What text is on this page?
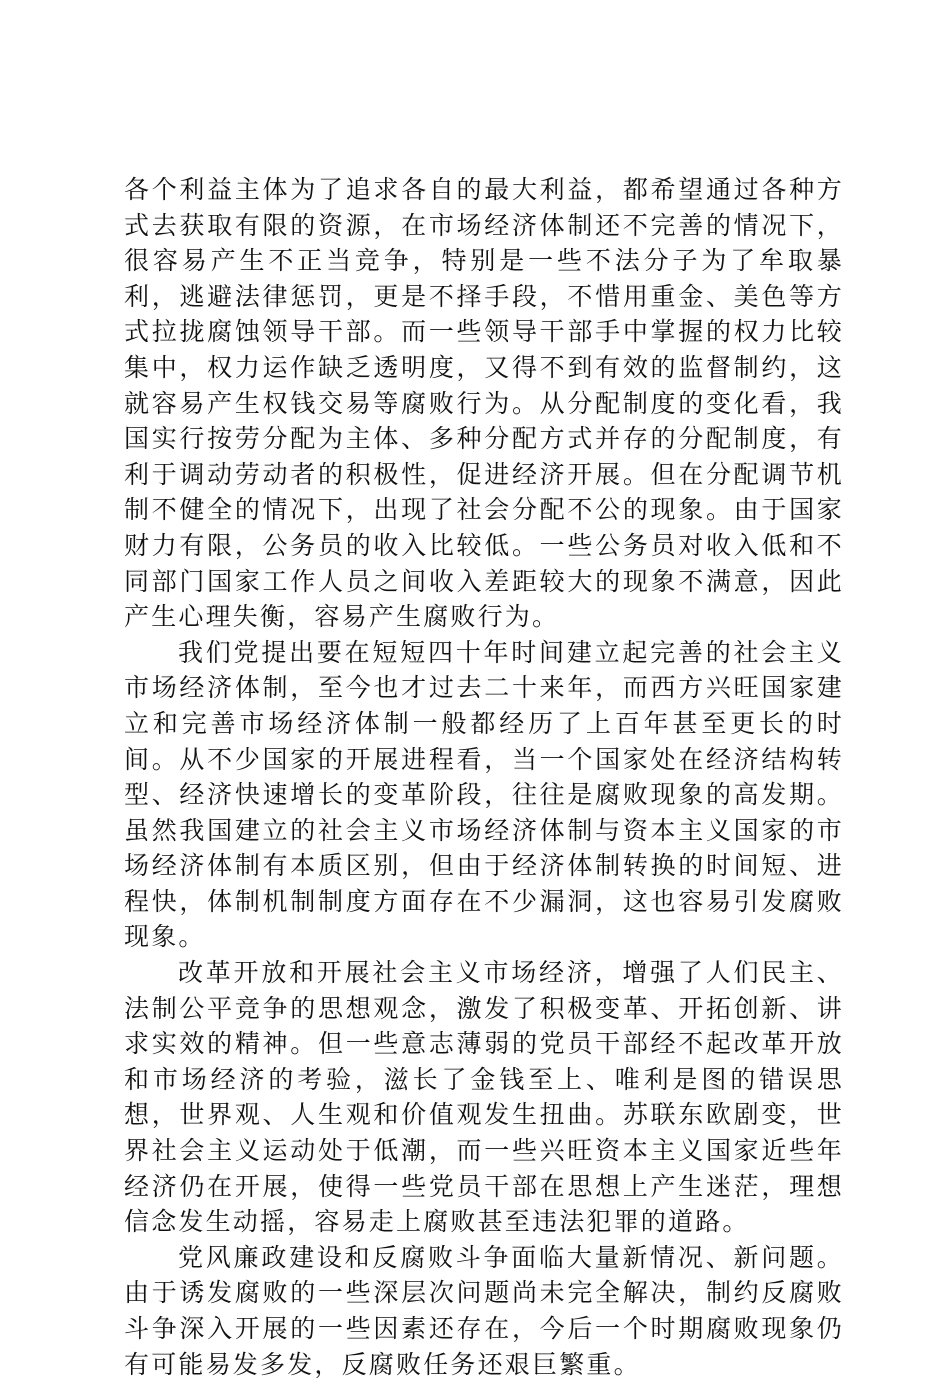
各个利益主体为了追求各自的最大利益，都希望通过各种方式去获取有限的资源，在市场经济体制还不完善的情况下，很容易产生不正当竞争，特别是一些不法分子为了牟取暴利，逃避法律惩罚，更是不择手段，不惜用重金、美色等方式拉拢腐蚀领导干部。而一些领导干部手中掌握的权力比较集中，权力运作缺乏透明度，又得不到有效的监督制约，这就容易产生权钱交易等腐败行为。从分配制度的变化看，我国实行按劳分配为主体、多种分配方式并存的分配制度，有利于调动劳动者的积极性，促进经济开展。但在分配调节机制不健全的情况下，出现了社会分配不公的现象。由于国家财力有限，公务员的收入比较低。一些公务员对收入低和不同部门国家工作人员之间收入差距较大的现象不满意，因此产生心理失衡，容易产生腐败行为。

我们党提出要在短短四十年时间建立起完善的社会主义市场经济体制，至今也才过去二十来年，而西方兴旺国家建立和完善市场经济体制一般都经历了上百年甚至更长的时间。从不少国家的开展进程看，当一个国家处在经济结构转型、经济快速增长的变革阶段，往往是腐败现象的高发期。虽然我国建立的社会主义市场经济体制与资本主义国家的市场经济体制有本质区别，但由于经济体制转换的时间短、进程快，体制机制制度方面存在不少漏洞，这也容易引发腐败现象。

改革开放和开展社会主义市场经济，增强了人们民主、法制公平竞争的思想观念，激发了积极变革、开拓创新、讲求实效的精神。但一些意志薄弱的党员干部经不起改革开放和市场经济的考验，滋长了金钱至上、唯利是图的错误思想，世界观、人生观和价值观发生扭曲。苏联东欧剧变，世界社会主义运动处于低潮，而一些兴旺资本主义国家近些年经济仍在开展，使得一些党员干部在思想上产生迷茫，理想信念发生动摇，容易走上腐败甚至违法犯罪的道路。

党风廉政建设和反腐败斗争面临大量新情况、新问题。由于诱发腐败的一些深层次问题尚未完全解决，制约反腐败斗争深入开展的一些因素还存在，今后一个时期腐败现象仍有可能易发多发，反腐败任务还艰巨繁重。
